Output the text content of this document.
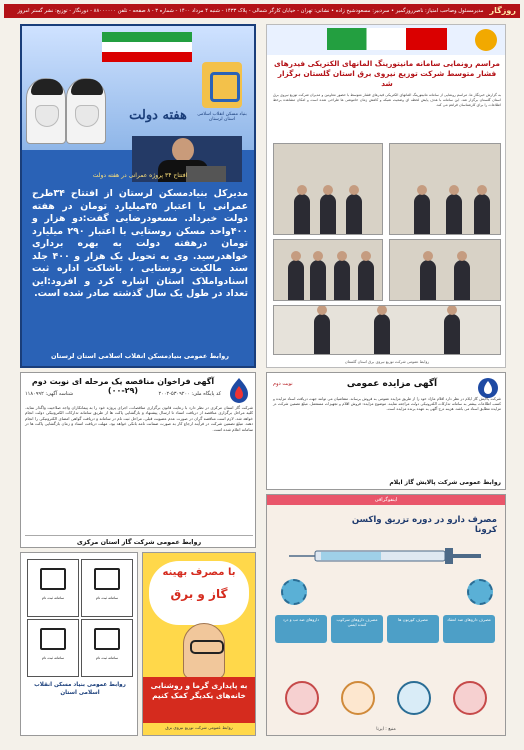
روزگار
مدیرمسئول وصاحب امتیاز: ناصرروزگمیر • سردبیر: مسعودشیخ زاده • نشانی: تهران - خیابان کارگر شمالی - پلاک ۱۴۳۳ - شنبه ۴ مرداد ۱۴۰۰ - شماره ۳ - ۸ صفحه - تلفن ۸۸۰۰۰۰۰۰ - دورنگار - توزیع: نشر گستر امروز
هفته دولت	بنیاد مسکن انقلاب اسلامی استان لرستان
افتتاح ۳۴ پروژه عمرانی در هفته دولت
مدیرکل بنیادمسکن لرستان از افتتاح ۳۴طرح عمرانی با اعتبار ۳۵میلیارد تومان در هفته دولت خبرداد. مسعودرضایی گفت:دو هزار و ۴۰۰واحد مسکن روستایی با اعتبار ۲۹۰ میلیارد تومان درهفته دولت به بهره برداری خواهدرسید. وی به تحویل یک هزار و ۴۰۰ جلد سند مالکیت روستایی ، باشاکت اداره ثبت اسنادواملاک استان اشاره کرد و افزود:این تعداد در طول یک سال گذشته صادر شده است.
روابط عمومی بنیادمسکن انقلاب اسلامی استان لرستان
مراسم رونمایی سامانه مانیتورینگ المانهای الکتریکی فیدرهای فشار متوسط شرکت توزیع نیروی برق استان گلستان برگزار شد
به گزارش خبرنگار ما، مراسم رونمایی از سامانه مانیتورینگ المانهای الکتریکی فیدرهای فشار متوسط با حضور معاونین و مدیران شرکت توزیع نیروی برق استان گلستان برگزار شد. این سامانه با هدف پایش لحظه ای وضعیت شبکه و کاهش زمان خاموشی ها طراحی شده است و امکان مشاهده برخط اطلاعات را برای کارشناسان فراهم می کند.
روابط عمومی شرکت توزیع نیروی برق استان گلستان
آگهی فراخوان مناقصه یک مرحله ای نوبت دوم (۲۹-۰۰)	کد پایگاه ملی: ۵۳۰۹۲۰۰-۲۰۰۲
شناسه آگهی: ۱۱۸۰۹۹۲
شرکت گاز استان مرکزی در نظر دارد با رعایت قانون برگزاری مناقصات، اجرای پروژه خود را به پیمانکاران واجد صلاحیت واگذار نماید. کلیه مراحل برگزاری مناقصه از دریافت اسناد تا ارسال پیشنهاد و بازگشایی پاکت ها از طریق سامانه تدارکات الکترونیکی دولت انجام خواهد شد. لازم است مناقصه گران در صورت عدم عضویت قبلی، مراحل ثبت نام در سامانه و دریافت گواهی امضای الکترونیکی را انجام دهند. مبلغ تضمین شرکت در فرآیند ارجاع کار به صورت ضمانت نامه بانکی خواهد بود. مهلت دریافت اسناد و زمان بازگشایی پاکت ها در سامانه اعلام شده است.
روابط عمومی شرکت گاز استان مرکزی
آگهی مزایده عمومی
نوبت دوم
شرکت پالایش گاز ایلام در نظر دارد اقلام مازاد خود را از طریق مزایده عمومی به فروش برساند. متقاضیان می توانند جهت دریافت اسناد مزایده و کسب اطلاعات بیشتر به سامانه تدارکات الکترونیکی دولت مراجعه نمایند. موضوع مزایده: فروش اقلام و تجهیزات مستعمل. مبلغ تضمین شرکت در مزایده مطابق اسناد می باشد. هزینه درج آگهی به عهده برنده مزایده است.
روابط عمومی شرکت پالایش گاز ایلام
اینفوگرافی
مصرف دارو در دوره تزریق واکسن کرونا
مصرف داروهای ضد انعقاد
مصرف کورتون ها
مصرف داروهای سرکوب کننده ایمنی
داروهای ضد تب و درد
منبع : ایرنا
با مصرف بهینه
گاز و برق
به پایداری گرما و روشنایی خانه‌های یکدیگر کمک کنیم
روابط عمومی شرکت توزیع نیروی برق
سامانه ثبت نام	سامانه ثبت نام
سامانه ثبت نام	سامانه ثبت نام
روابط عمومی بنیاد مسکن انقلاب اسلامی استان
